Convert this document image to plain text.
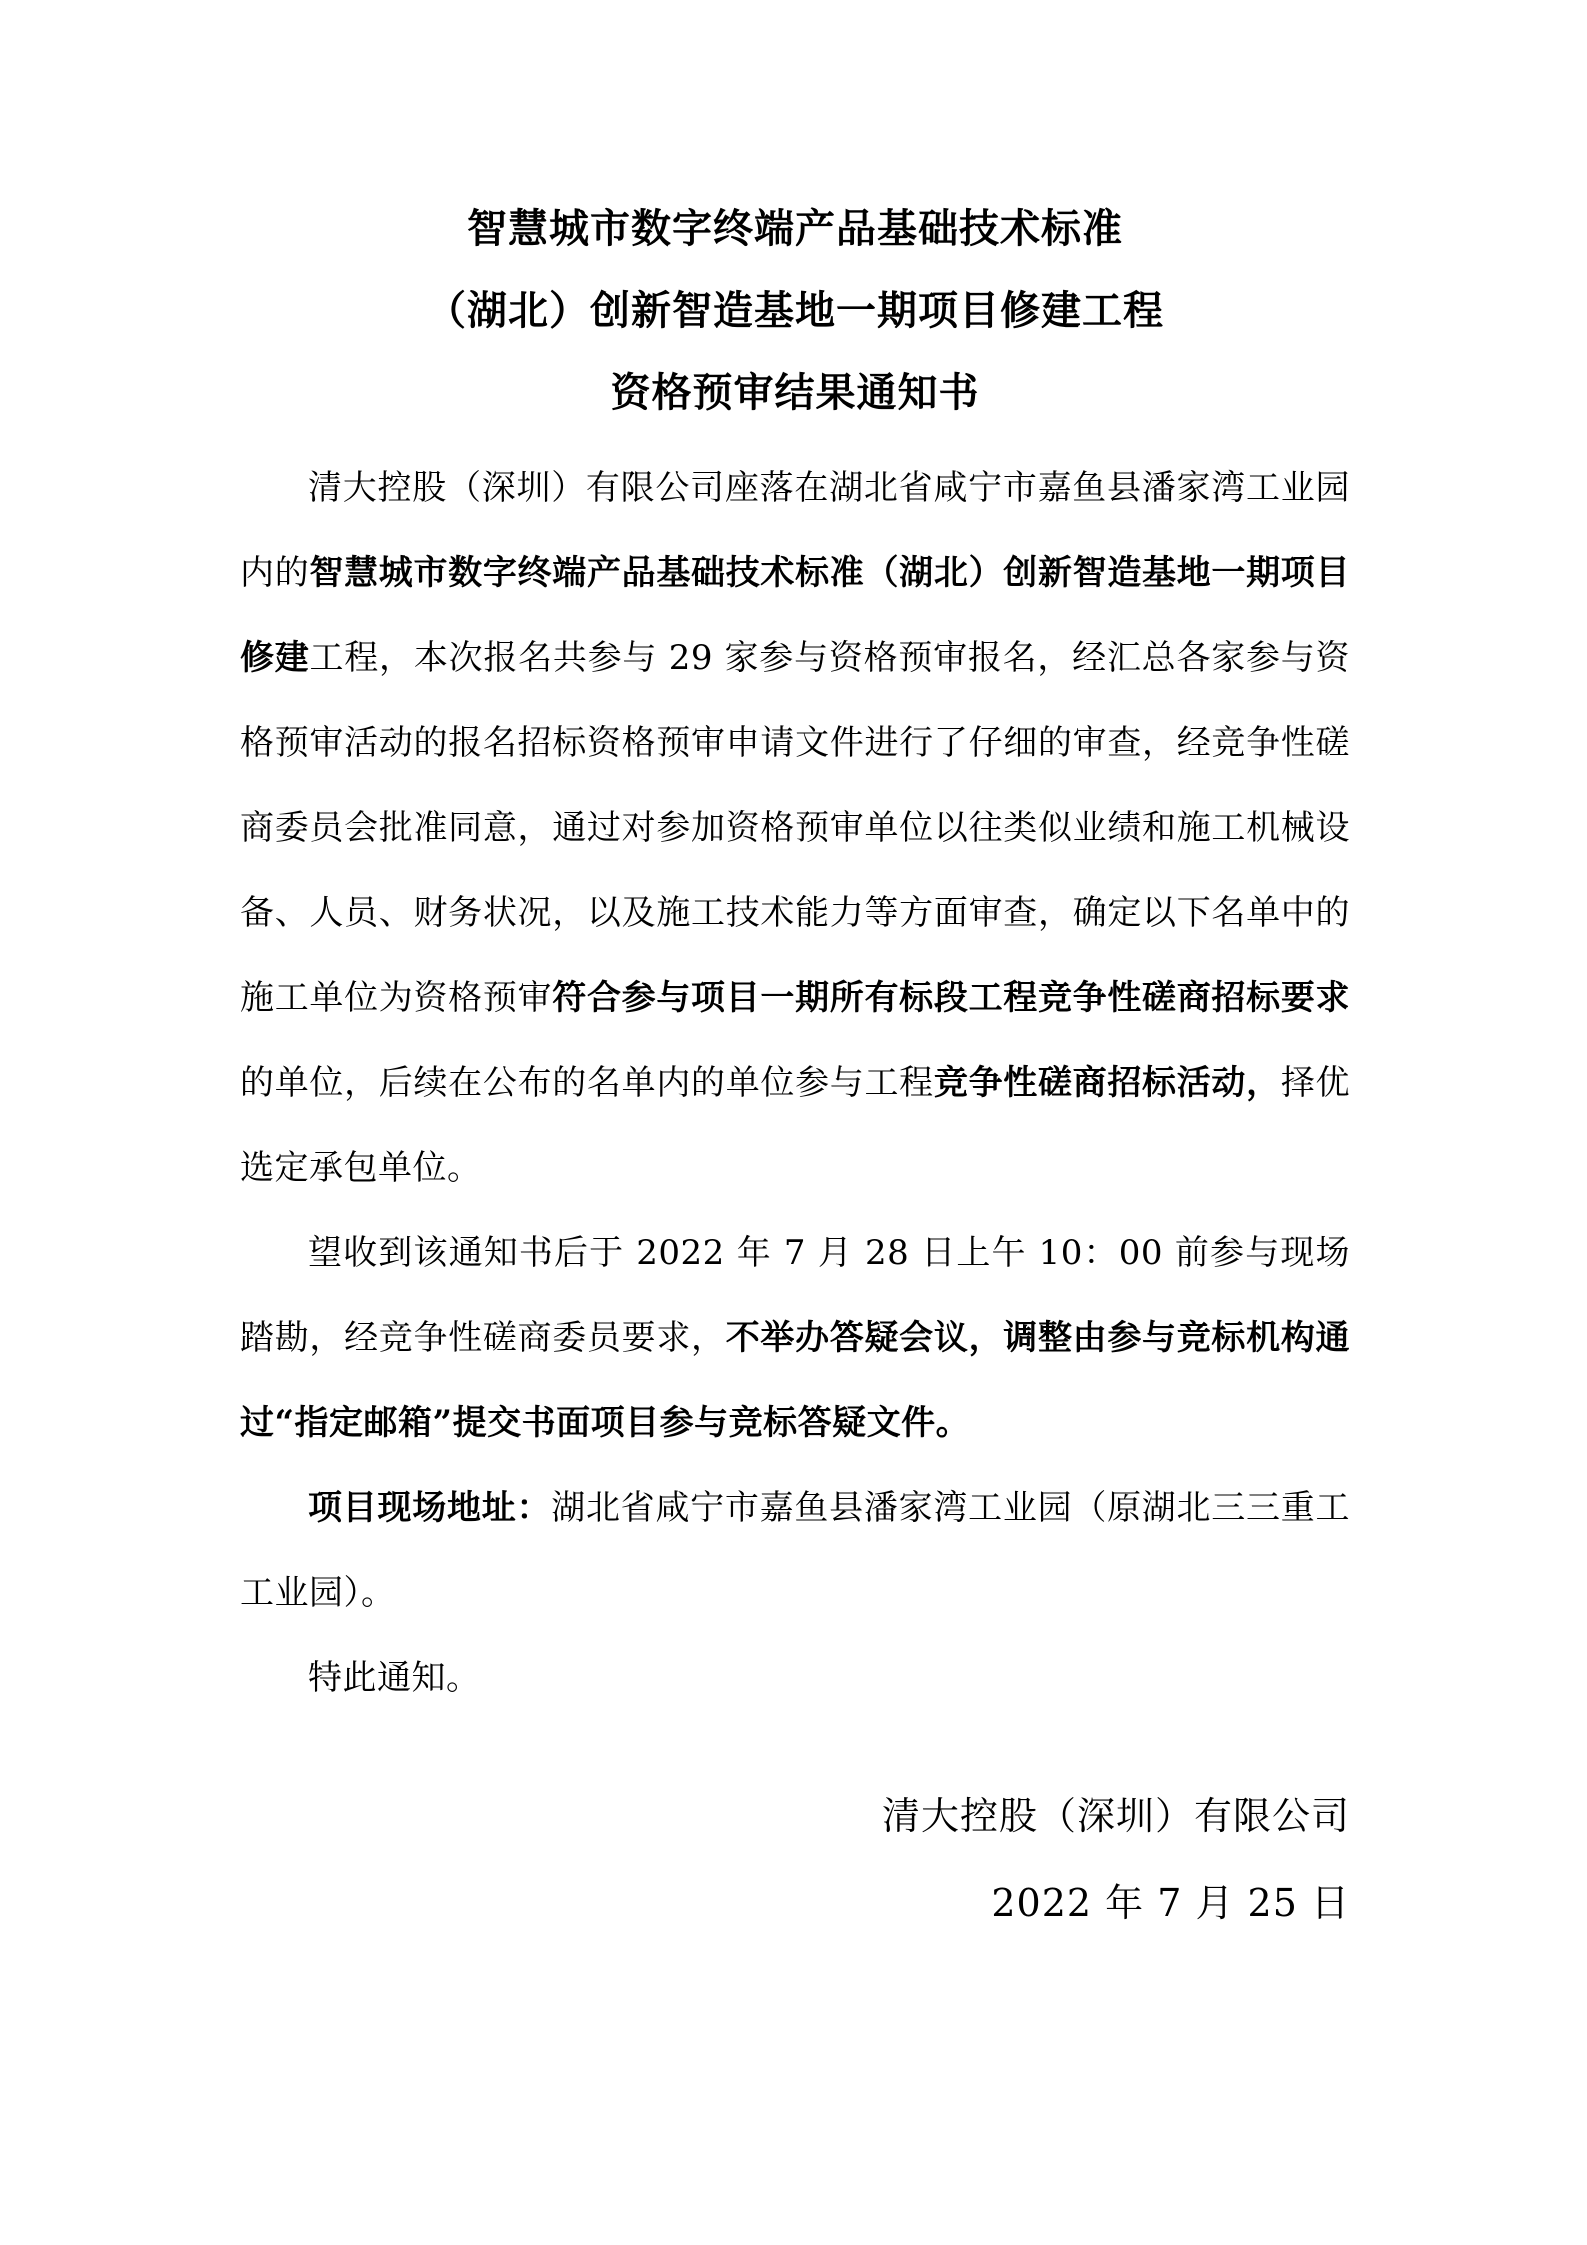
智慧城市数字终端产品基础技术标准
（湖北）创新智造基地一期项目修建工程
资格预审结果通知书

清大控股（深圳）有限公司座落在湖北省咸宁市嘉鱼县潘家湾工业园内的智慧城市数字终端产品基础技术标准（湖北）创新智造基地一期项目修建工程，本次报名共参与 29 家参与资格预审报名，经汇总各家参与资格预审活动的报名招标资格预审申请文件进行了仔细的审查，经竞争性磋商委员会批准同意，通过对参加资格预审单位以往类似业绩和施工机械设备、人员、财务状况，以及施工技术能力等方面审查，确定以下名单中的施工单位为资格预审符合参与项目一期所有标段工程竞争性磋商招标要求的单位，后续在公布的名单内的单位参与工程竞争性磋商招标活动，择优选定承包单位。

望收到该通知书后于 2022 年 7 月 28 日上午 10：00 前参与现场踏勘，经竞争性磋商委员要求，不举办答疑会议，调整由参与竞标机构通过“指定邮箱”提交书面项目参与竞标答疑文件。

项目现场地址：湖北省咸宁市嘉鱼县潘家湾工业园（原湖北三三重工工业园）。

特此通知。

清大控股（深圳）有限公司
2022 年 7 月 25 日
